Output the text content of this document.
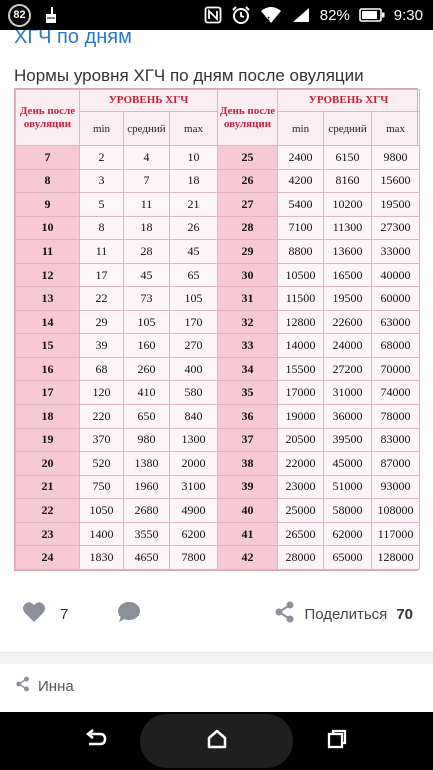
82	↕	82%	9:30
ХГЧ по дням
Нормы уровня ХГЧ по дням после овуляции
День после овуляции	УРОВЕНЬ ХГЧ			День после овуляции	УРОВЕНЬ ХГЧ		
	min	средний	max		min	средний	max
7	2	4	10	25	2400	6150	9800
8	3	7	18	26	4200	8160	15600
9	5	11	21	27	5400	10200	19500
10	8	18	26	28	7100	11300	27300
11	11	28	45	29	8800	13600	33000
12	17	45	65	30	10500	16500	40000
13	22	73	105	31	11500	19500	60000
14	29	105	170	32	12800	22600	63000
15	39	160	270	33	14000	24000	68000
16	68	260	400	34	15500	27200	70000
17	120	410	580	35	17000	31000	74000
18	220	650	840	36	19000	36000	78000
19	370	980	1300	37	20500	39500	83000
20	520	1380	2000	38	22000	45000	87000
21	750	1960	3100	39	23000	51000	93000
22	1050	2680	4900	40	25000	58000	108000
23	1400	3550	6200	41	26500	62000	117000
24	1830	4650	7800	42	28000	65000	128000
7	Поделиться 70
Инна
